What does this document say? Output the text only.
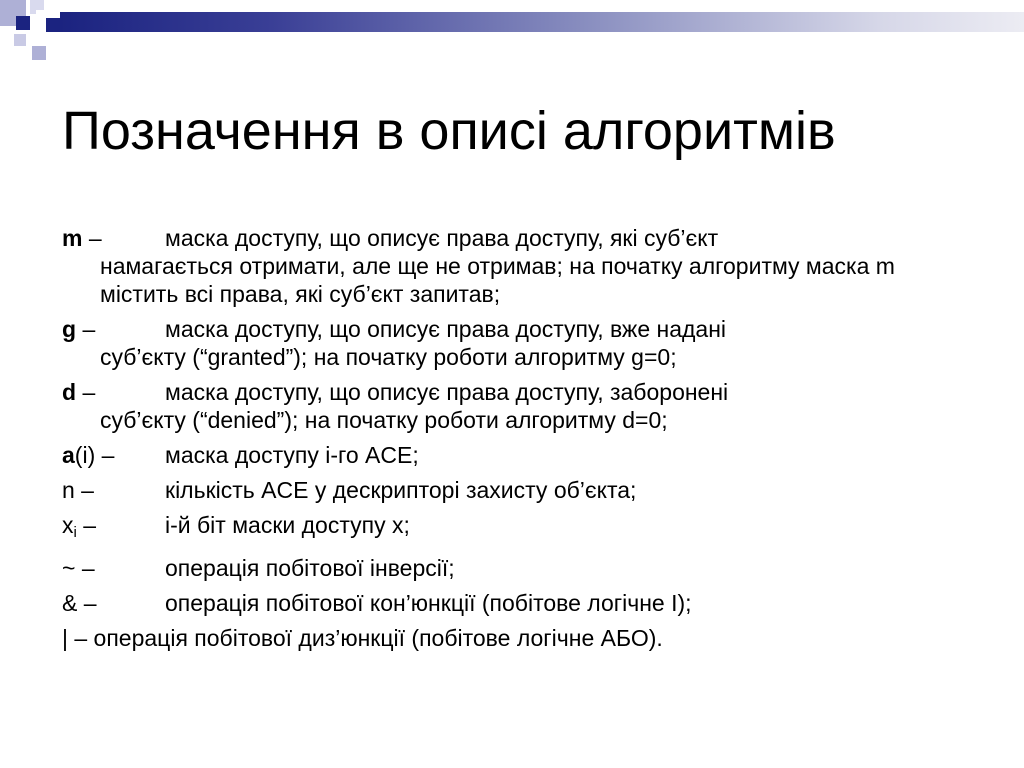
Позначення в описі алгоритмів
m –	маска доступу, що описує права доступу, які суб’єкт
намагається отримати, але ще не отримав; на початку алгоритму маска m містить всі права, які суб’єкт запитав;
g –	маска доступу, що описує права доступу, вже надані
суб’єкту (“granted”); на початку роботи алгоритму g=0;
d –	маска доступу, що описує права доступу, заборонені
суб’єкту (“denied”); на початку роботи алгоритму d=0;
a(i) – маска доступу i-го ACE;
n –	кількість ACE у дескрипторі захисту об’єкта;
$x_i$ –	i-й біт маски доступу x;
~ –	операція побітової інверсії;
& –	операція побітової кон’юнкції (побітове логічне І);
| – операція побітової диз’юнкції (побітове логічне АБО).
